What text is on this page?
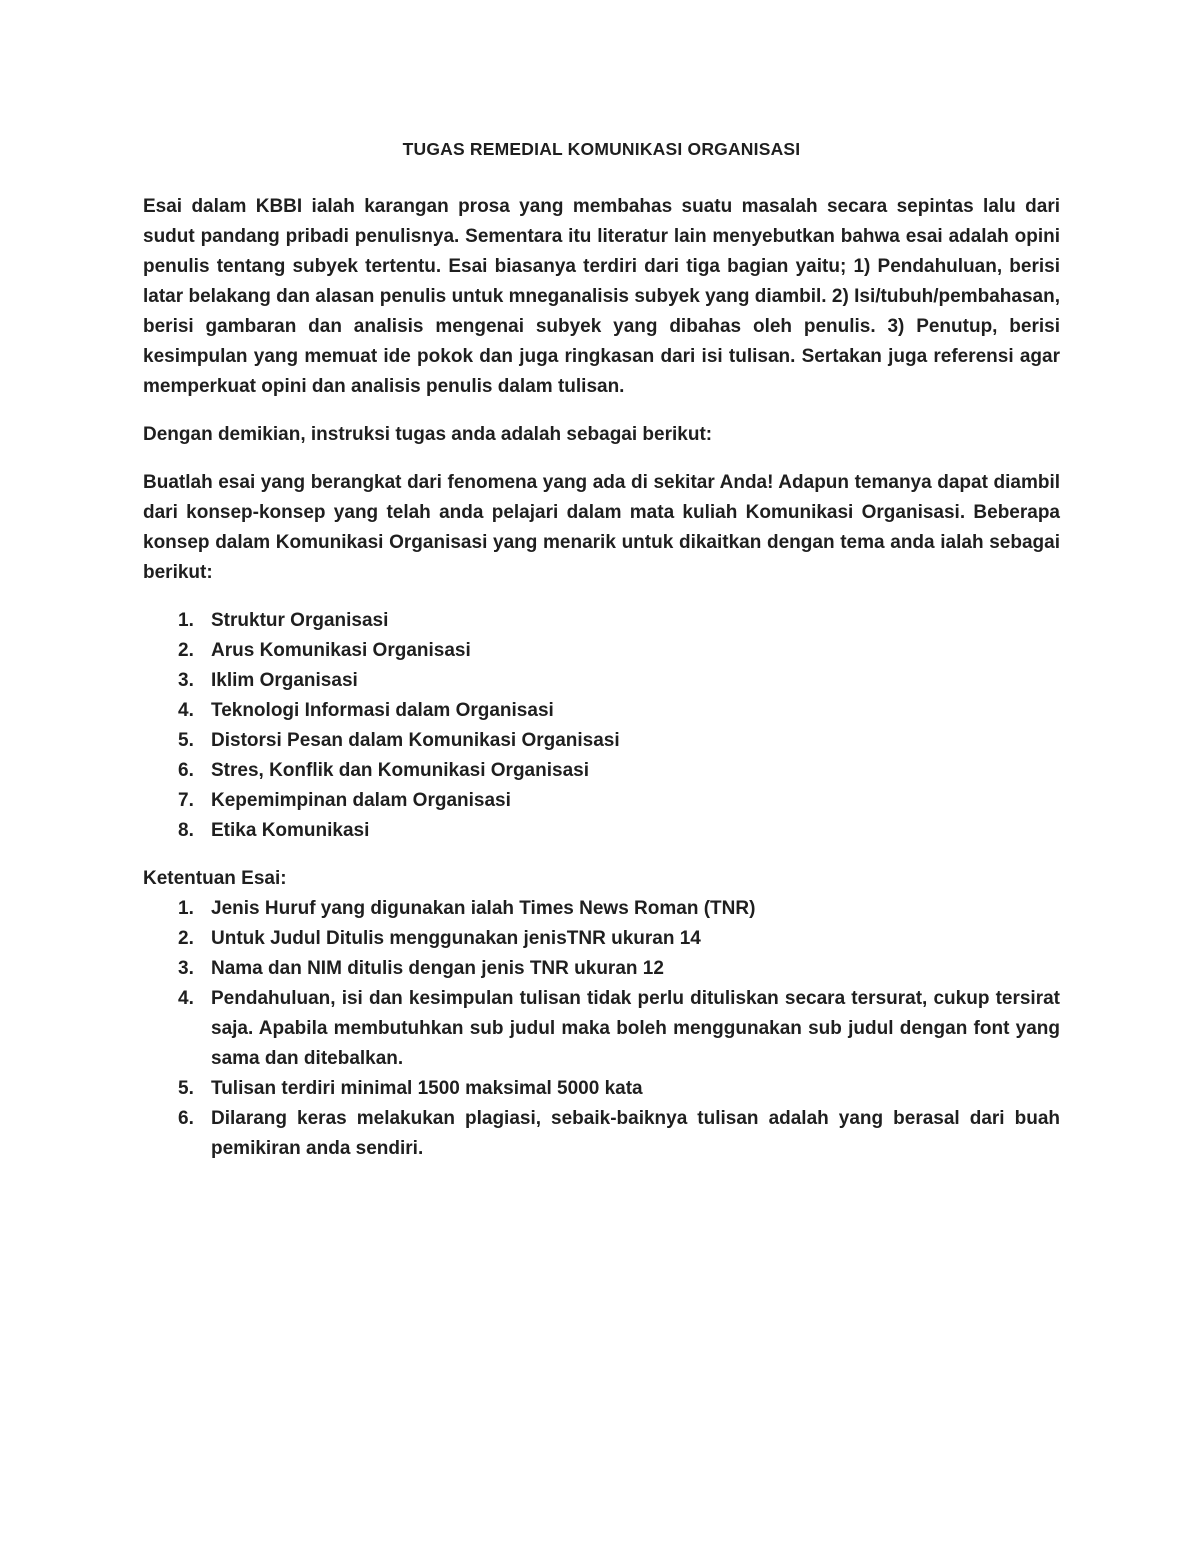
TUGAS REMEDIAL KOMUNIKASI ORGANISASI

Esai dalam KBBI ialah karangan prosa yang membahas suatu masalah secara sepintas lalu dari sudut pandang pribadi penulisnya. Sementara itu literatur lain menyebutkan bahwa esai adalah opini penulis tentang subyek tertentu. Esai biasanya terdiri dari tiga bagian yaitu; 1) Pendahuluan, berisi latar belakang dan alasan penulis untuk mneganalisis subyek yang diambil. 2) Isi/tubuh/pembahasan, berisi gambaran dan analisis mengenai subyek yang dibahas oleh penulis. 3) Penutup, berisi kesimpulan yang memuat ide pokok dan juga ringkasan dari isi tulisan. Sertakan juga referensi agar memperkuat opini dan analisis penulis dalam tulisan.

Dengan demikian, instruksi tugas anda adalah sebagai berikut:

Buatlah esai yang berangkat dari fenomena yang ada di sekitar Anda! Adapun temanya dapat diambil dari konsep-konsep yang telah anda pelajari dalam mata kuliah Komunikasi Organisasi. Beberapa konsep dalam Komunikasi Organisasi yang menarik untuk dikaitkan dengan tema anda ialah sebagai berikut:

1. Struktur Organisasi
2. Arus Komunikasi Organisasi
3. Iklim Organisasi
4. Teknologi Informasi dalam Organisasi
5. Distorsi Pesan dalam Komunikasi Organisasi
6. Stres, Konflik dan Komunikasi Organisasi
7. Kepemimpinan dalam Organisasi
8. Etika Komunikasi

Ketentuan Esai:

1. Jenis Huruf yang digunakan ialah Times News Roman (TNR)
2. Untuk Judul Ditulis menggunakan jenisTNR ukuran 14
3. Nama dan NIM ditulis dengan jenis TNR ukuran 12
4. Pendahuluan, isi dan kesimpulan tulisan tidak perlu dituliskan secara tersurat, cukup tersirat saja. Apabila membutuhkan sub judul maka boleh menggunakan sub judul dengan font yang sama dan ditebalkan.
5. Tulisan terdiri minimal 1500 maksimal 5000 kata
6. Dilarang keras melakukan plagiasi, sebaik-baiknya tulisan adalah yang berasal dari buah pemikiran anda sendiri.
